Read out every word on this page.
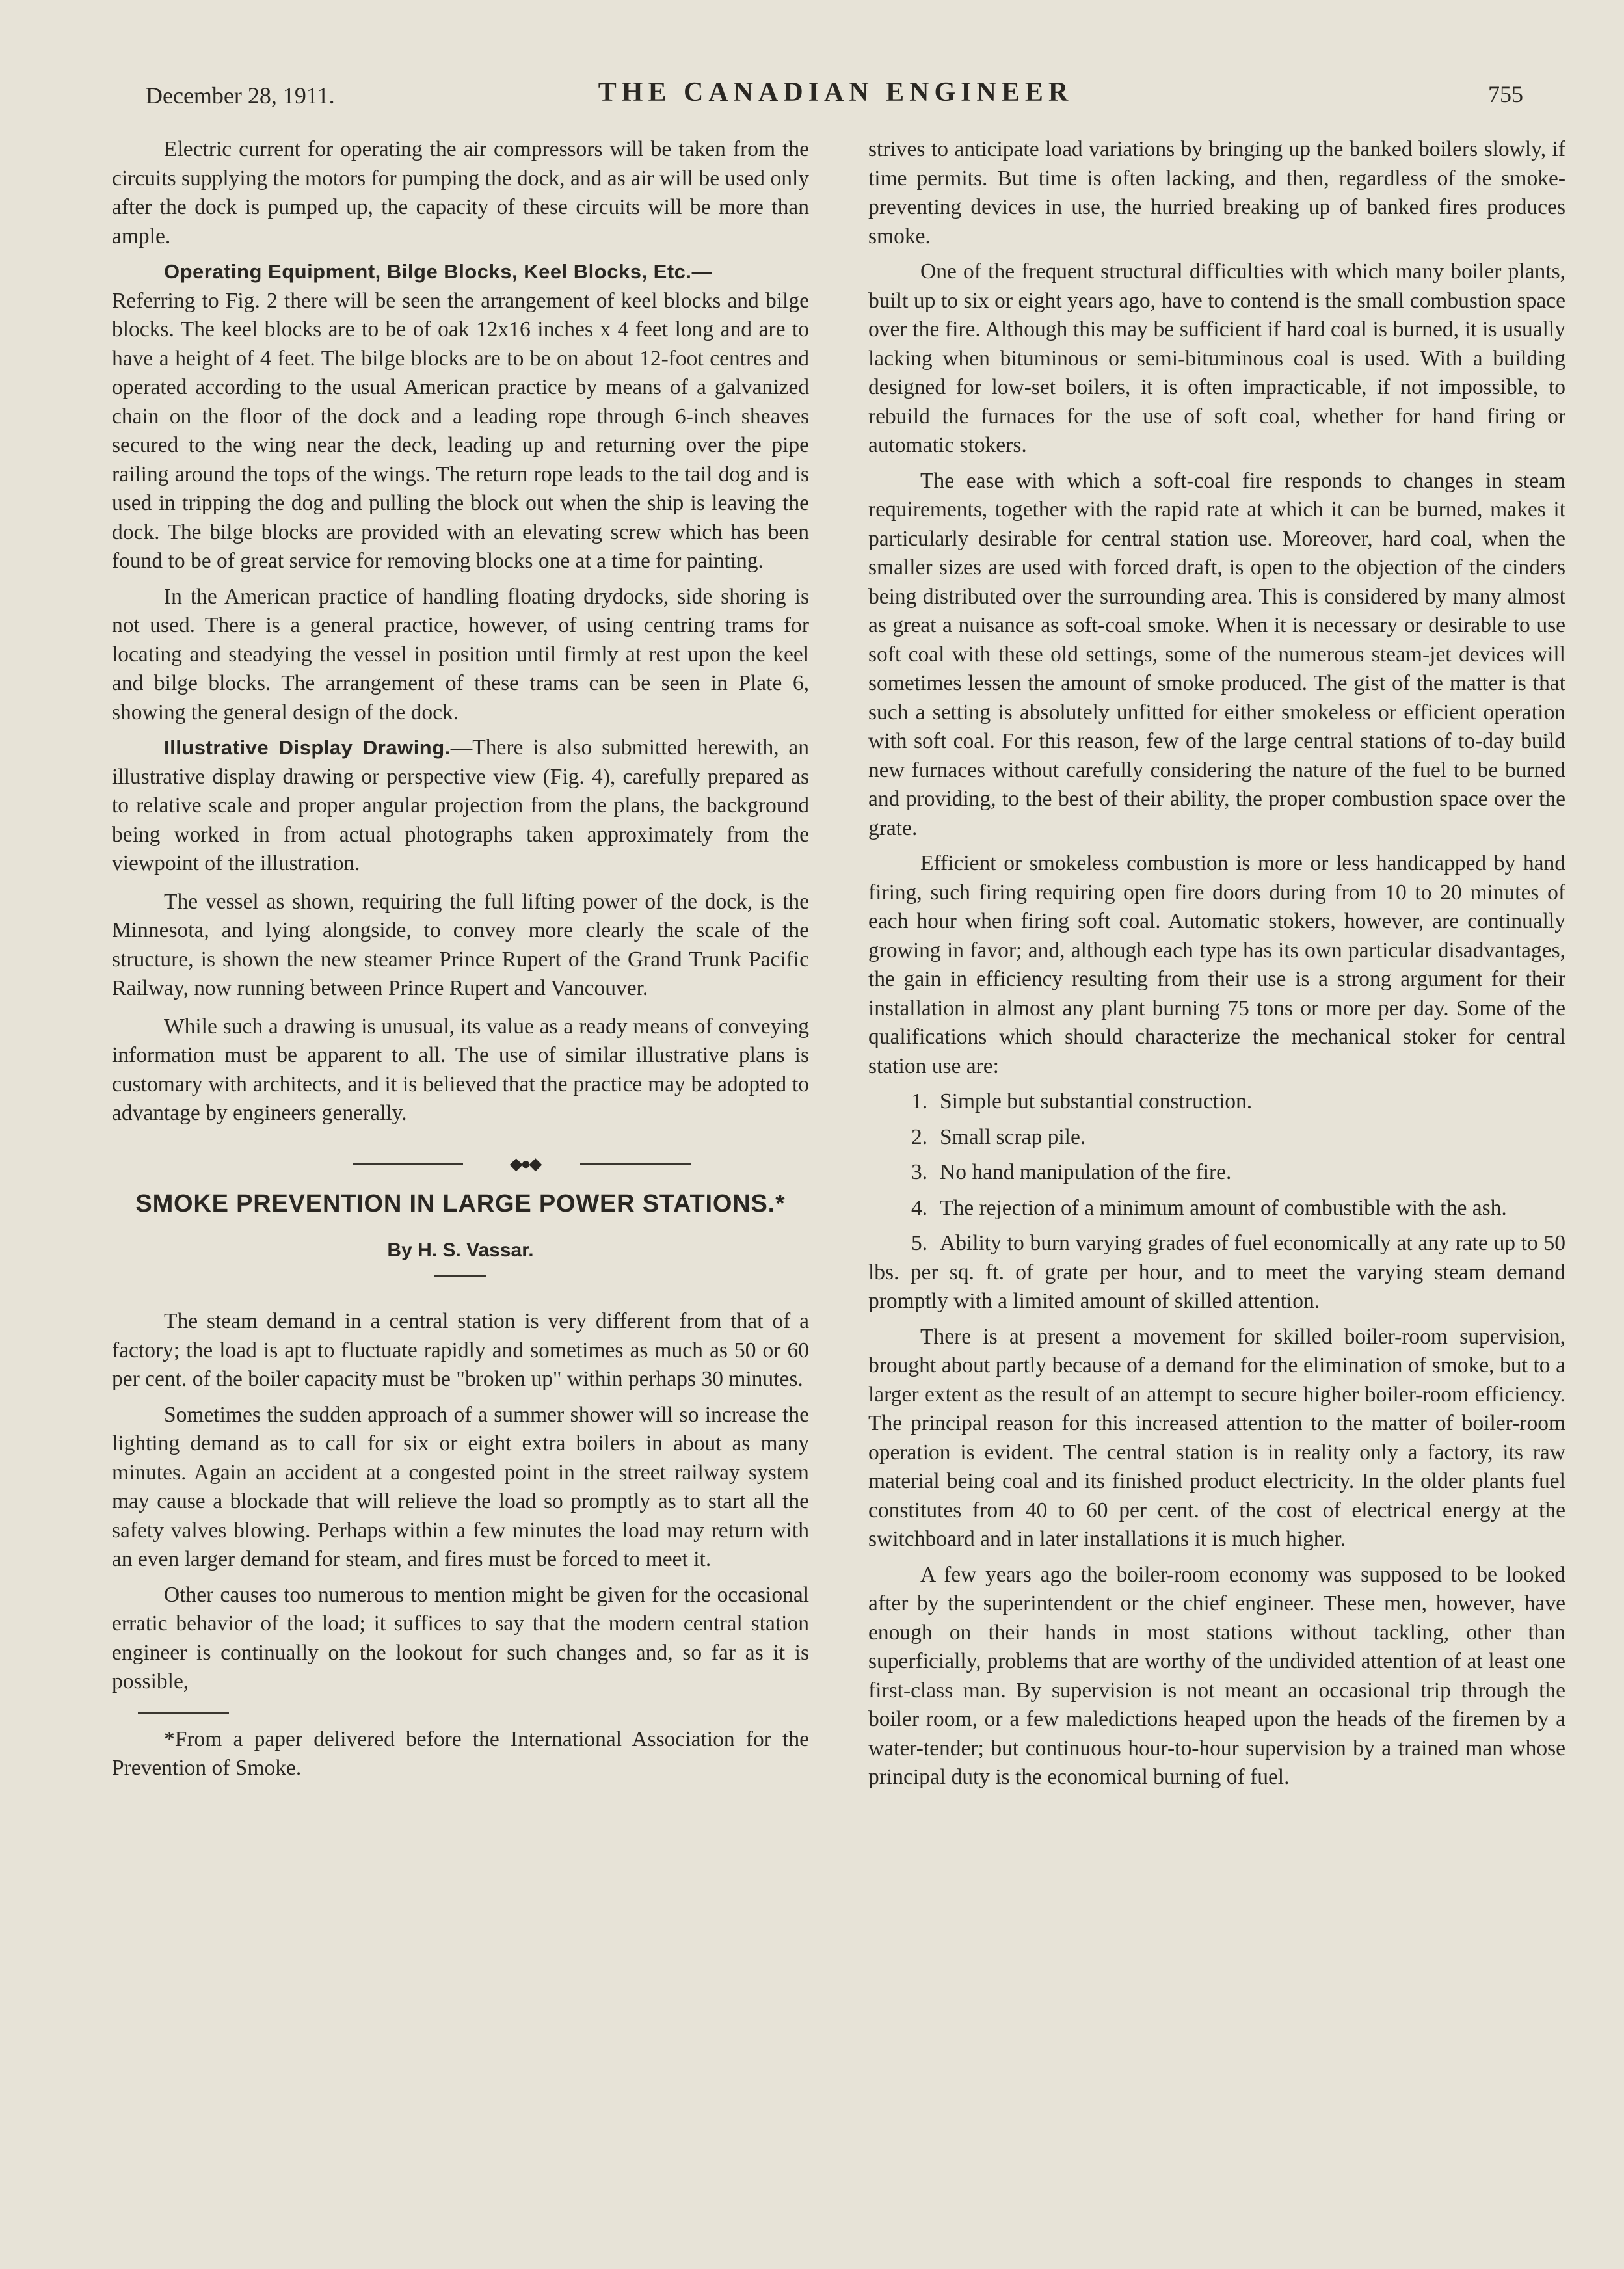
December 28, 1911.	THE CANADIAN ENGINEER	755

Electric current for operating the air compressors will be taken from the circuits supplying the motors for pumping the dock, and as air will be used only after the dock is pumped up, the capacity of these circuits will be more than ample.

Operating Equipment, Bilge Blocks, Keel Blocks, Etc.—
Referring to Fig. 2 there will be seen the arrangement of keel blocks and bilge blocks. The keel blocks are to be of oak 12x16 inches x 4 feet long and are to have a height of 4 feet. The bilge blocks are to be on about 12-foot centres and operated according to the usual American practice by means of a galvanized chain on the floor of the dock and a leading rope through 6-inch sheaves secured to the wing near the deck, leading up and returning over the pipe railing around the tops of the wings. The return rope leads to the tail dog and is used in tripping the dog and pulling the block out when the ship is leaving the dock. The bilge blocks are provided with an elevating screw which has been found to be of great service for removing blocks one at a time for painting.

In the American practice of handling floating drydocks, side shoring is not used. There is a general practice, however, of using centring trams for locating and steadying the vessel in position until firmly at rest upon the keel and bilge blocks. The arrangement of these trams can be seen in Plate 6, showing the general design of the dock.

Illustrative Display Drawing.—There is also submitted herewith, an illustrative display drawing or perspective view (Fig. 4), carefully prepared as to relative scale and proper angular projection from the plans, the background being worked in from actual photographs taken approximately from the viewpoint of the illustration.

The vessel as shown, requiring the full lifting power of the dock, is the Minnesota, and lying alongside, to convey more clearly the scale of the structure, is shown the new steamer Prince Rupert of the Grand Trunk Pacific Railway, now running between Prince Rupert and Vancouver.

While such a drawing is unusual, its value as a ready means of conveying information must be apparent to all. The use of similar illustrative plans is customary with architects, and it is believed that the practice may be adopted to advantage by engineers generally.

◆●◆
SMOKE PREVENTION IN LARGE POWER STATIONS.*
By H. S. Vassar.

The steam demand in a central station is very different from that of a factory; the load is apt to fluctuate rapidly and sometimes as much as 50 or 60 per cent. of the boiler capacity must be "broken up" within perhaps 30 minutes.

Sometimes the sudden approach of a summer shower will so increase the lighting demand as to call for six or eight extra boilers in about as many minutes. Again an accident at a congested point in the street railway system may cause a blockade that will relieve the load so promptly as to start all the safety valves blowing. Perhaps within a few minutes the load may return with an even larger demand for steam, and fires must be forced to meet it.

Other causes too numerous to mention might be given for the occasional erratic behavior of the load; it suffices to say that the modern central station engineer is continually on the lookout for such changes and, so far as it is possible,

*From a paper delivered before the International Association for the Prevention of Smoke.

strives to anticipate load variations by bringing up the banked boilers slowly, if time permits. But time is often lacking, and then, regardless of the smoke-preventing devices in use, the hurried breaking up of banked fires produces smoke.

One of the frequent structural difficulties with which many boiler plants, built up to six or eight years ago, have to contend is the small combustion space over the fire. Although this may be sufficient if hard coal is burned, it is usually lacking when bituminous or semi-bituminous coal is used. With a building designed for low-set boilers, it is often impracticable, if not impossible, to rebuild the furnaces for the use of soft coal, whether for hand firing or automatic stokers.

The ease with which a soft-coal fire responds to changes in steam requirements, together with the rapid rate at which it can be burned, makes it particularly desirable for central station use. Moreover, hard coal, when the smaller sizes are used with forced draft, is open to the objection of the cinders being distributed over the surrounding area. This is considered by many almost as great a nuisance as soft-coal smoke. When it is necessary or desirable to use soft coal with these old settings, some of the numerous steam-jet devices will sometimes lessen the amount of smoke produced. The gist of the matter is that such a setting is absolutely unfitted for either smokeless or efficient operation with soft coal. For this reason, few of the large central stations of to-day build new furnaces without carefully considering the nature of the fuel to be burned and providing, to the best of their ability, the proper combustion space over the grate.

Efficient or smokeless combustion is more or less handicapped by hand firing, such firing requiring open fire doors during from 10 to 20 minutes of each hour when firing soft coal. Automatic stokers, however, are continually growing in favor; and, although each type has its own particular disadvantages, the gain in efficiency resulting from their use is a strong argument for their installation in almost any plant burning 75 tons or more per day. Some of the qualifications which should characterize the mechanical stoker for central station use are:

1. Simple but substantial construction.

2. Small scrap pile.

3. No hand manipulation of the fire.

4. The rejection of a minimum amount of combustible with the ash.

5. Ability to burn varying grades of fuel economically at any rate up to 50 lbs. per sq. ft. of grate per hour, and to meet the varying steam demand promptly with a limited amount of skilled attention.

There is at present a movement for skilled boiler-room supervision, brought about partly because of a demand for the elimination of smoke, but to a larger extent as the result of an attempt to secure higher boiler-room efficiency. The principal reason for this increased attention to the matter of boiler-room operation is evident. The central station is in reality only a factory, its raw material being coal and its finished product electricity. In the older plants fuel constitutes from 40 to 60 per cent. of the cost of electrical energy at the switchboard and in later installations it is much higher.

A few years ago the boiler-room economy was supposed to be looked after by the superintendent or the chief engineer. These men, however, have enough on their hands in most stations without tackling, other than superficially, problems that are worthy of the undivided attention of at least one first-class man. By supervision is not meant an occasional trip through the boiler room, or a few maledictions heaped upon the heads of the firemen by a water-tender; but continuous hour-to-hour supervision by a trained man whose principal duty is the economical burning of fuel.
